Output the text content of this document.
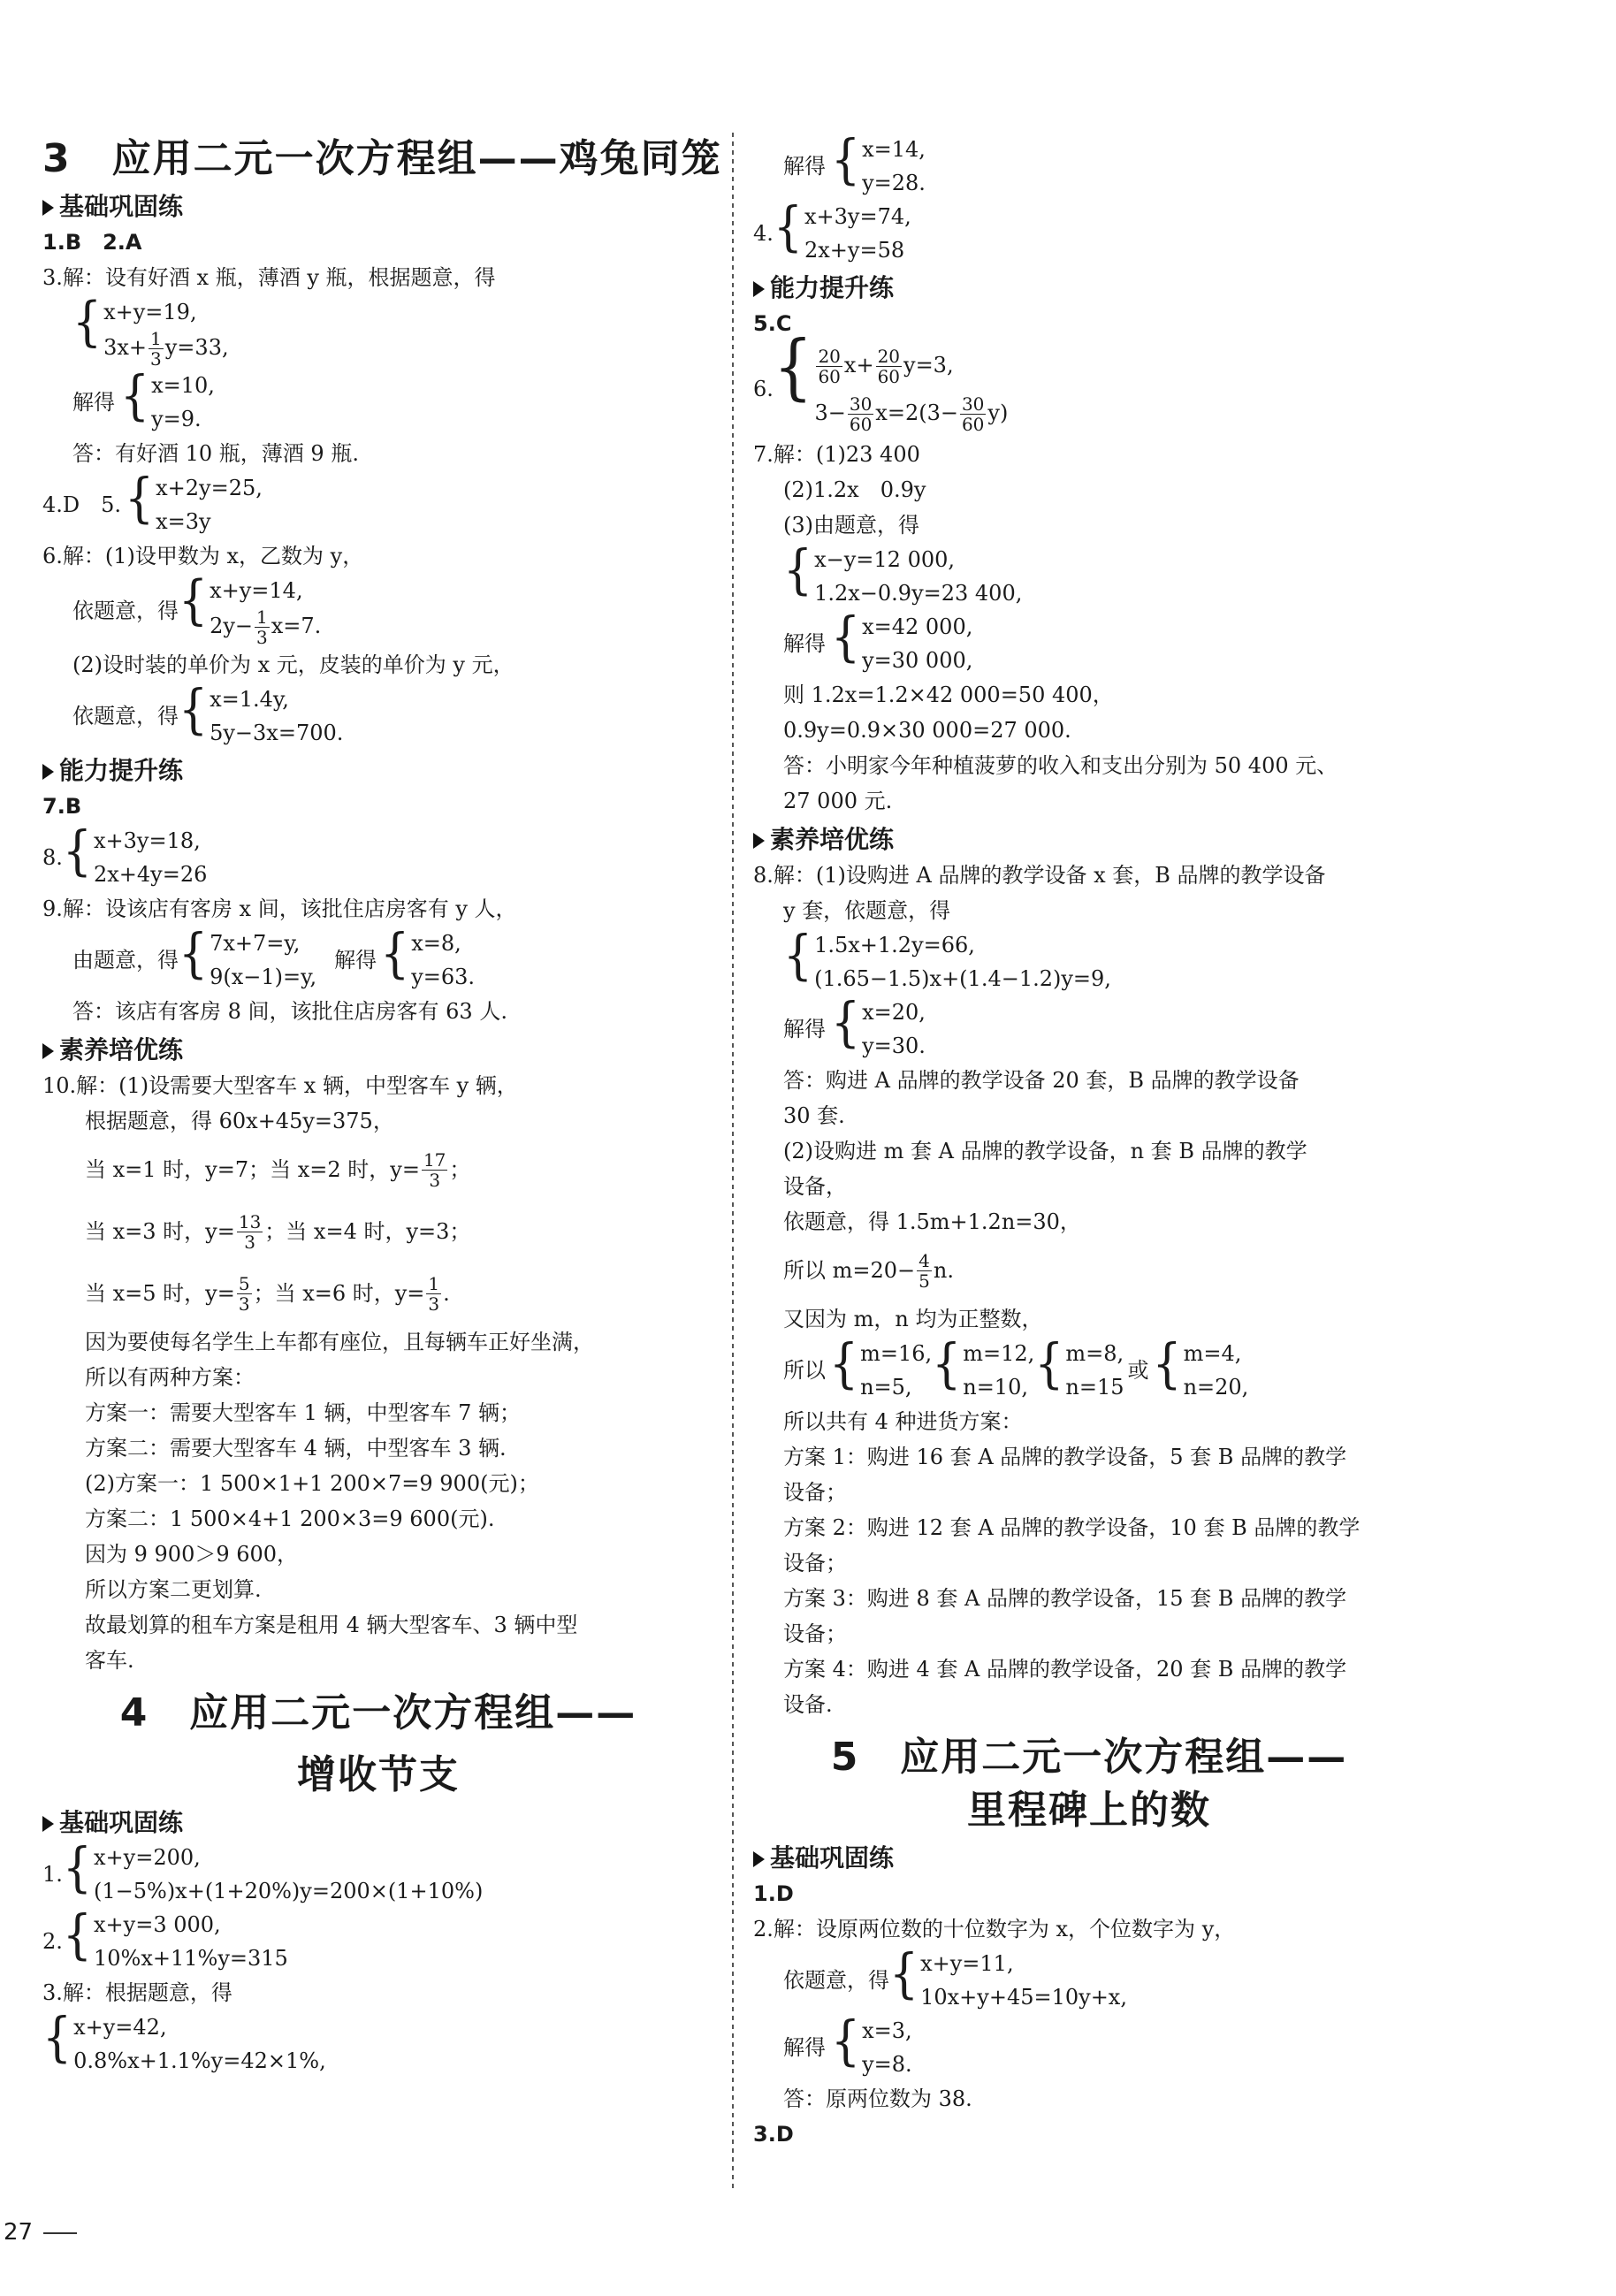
3　应用二元一次方程组——鸡兔同笼
基础巩固练
1.B　2.A
3.解：设有好酒 x 瓶，薄酒 y 瓶，根据题意，得
{ x+y=19,
$3x+ \frac{1}{3} y=33$,
解得 { x=10,
y=9.
答：有好酒 10 瓶，薄酒 9 瓶.
4.D　5. { x+2y=25,
x=3y
6.解：(1)设甲数为 x，乙数为 y，
依题意，得 { x+y=14,
$2y- \frac{1}{3} x=7$.
(2)设时装的单价为 x 元，皮装的单价为 y 元，
依题意，得 { x=1.4y,
5y−3x=700.
能力提升练
7.B
8. { x+3y=18,
2x+4y=26
9.解：设该店有客房 x 间，该批住店房客有 y 人，
由题意，得 { 7x+7=y,
9(x−1)=y,
解得 { x=8,
y=63.
答：该店有客房 8 间，该批住店房客有 63 人.
素养培优练
10.解：(1)设需要大型客车 x 辆，中型客车 y 辆，
根据题意，得 60x+45y=375，
当 x=1 时，y=7；当 x=2 时，$y= \frac{17}{3}$ ；
当 x=3 时，$y= \frac{13}{3}$ ；当 x=4 时，y=3；
当 x=5 时，$y= \frac{5}{3}$ ；当 x=6 时，$y= \frac{1}{3}$ .
因为要使每名学生上车都有座位，且每辆车正好坐满，
所以有两种方案：
方案一：需要大型客车 1 辆，中型客车 7 辆；
方案二：需要大型客车 4 辆，中型客车 3 辆.
(2)方案一：1 500×1+1 200×7=9 900(元)；
方案二：1 500×4+1 200×3=9 600(元).
因为 9 900＞9 600，
所以方案二更划算.
故最划算的租车方案是租用 4 辆大型客车、3 辆中型
客车.
4　应用二元一次方程组——
增收节支
基础巩固练
1. { x+y=200,
(1−5%)x+(1+20%)y=200×(1+10%)
2. { x+y=3 000,
10%x+11%y=315
3.解：根据题意，得
{ x+y=42,
0.8%x+1.1%y=42×1%,
解得 { x=14,
y=28.
4. { x+3y=74,
2x+y=58
能力提升练
5.C
6. { $\frac{20}{60} x+ \frac{20}{60} y=3$,
$3- \frac{30}{60} x=2(3- \frac{30}{60} y)$
7.解：(1)23 400
(2)1.2x　0.9y
(3)由题意，得
{ x−y=12 000,
1.2x−0.9y=23 400,
解得 { x=42 000,
y=30 000,
则 1.2x=1.2×42 000=50 400，
0.9y=0.9×30 000=27 000.
答：小明家今年种植菠萝的收入和支出分别为 50 400 元、
27 000 元.
素养培优练
8.解：(1)设购进 A 品牌的教学设备 x 套，B 品牌的教学设备
y 套，依题意，得
{ 1.5x+1.2y=66,
(1.65−1.5)x+(1.4−1.2)y=9,
解得 { x=20,
y=30.
答：购进 A 品牌的教学设备 20 套，B 品牌的教学设备
30 套.
(2)设购进 m 套 A 品牌的教学设备，n 套 B 品牌的教学
设备，
依题意，得 1.5m+1.2n=30，
所以 $m=20- \frac{4}{5} n$.
又因为 m，n 均为正整数，
所以 { m=16,
n=5, { m=12,
n=10, { m=8,
n=15
或 { m=4,
n=20,
所以共有 4 种进货方案：
方案 1：购进 16 套 A 品牌的教学设备，5 套 B 品牌的教学
设备；
方案 2：购进 12 套 A 品牌的教学设备，10 套 B 品牌的教学
设备；
方案 3：购进 8 套 A 品牌的教学设备，15 套 B 品牌的教学
设备；
方案 4：购进 4 套 A 品牌的教学设备，20 套 B 品牌的教学
设备.
5　应用二元一次方程组——
里程碑上的数
基础巩固练
1.D
2.解：设原两位数的十位数字为 x，个位数字为 y，
依题意，得 { x+y=11,
10x+y+45=10y+x,
解得 { x=3,
y=8.
答：原两位数为 38.
3.D
27
